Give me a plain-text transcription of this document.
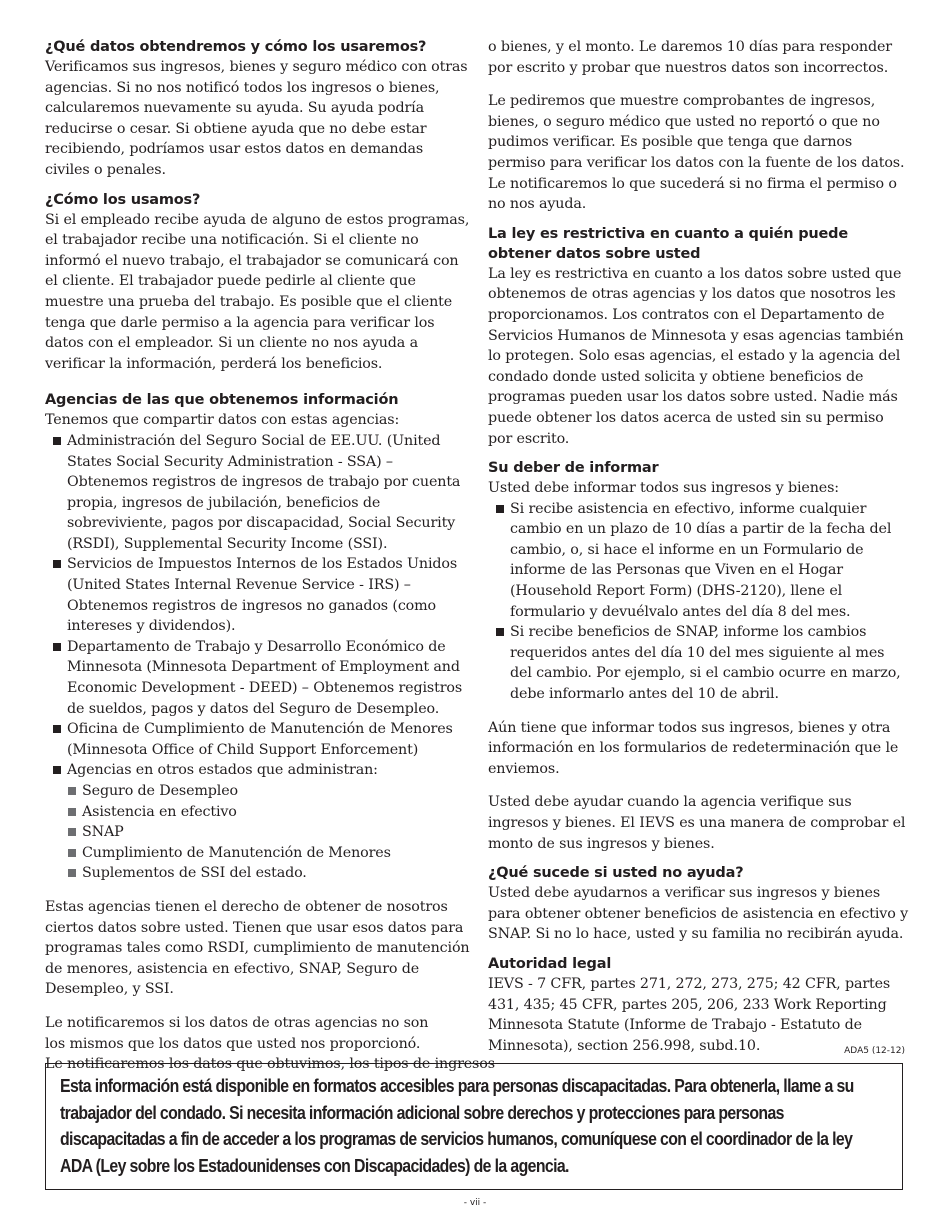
¿Qué datos obtendremos y cómo los usaremos?

Verificamos sus ingresos, bienes y seguro médico con otras agencias. Si no nos notificó todos los ingresos o bienes, calcularemos nuevamente su ayuda. Su ayuda podría reducirse o cesar. Si obtiene ayuda que no debe estar recibiendo, podríamos usar estos datos en demandas civiles o penales.

¿Cómo los usamos?

Si el empleado recibe ayuda de alguno de estos programas, el trabajador recibe una notificación. Si el cliente no informó el nuevo trabajo, el trabajador se comunicará con el cliente. El trabajador puede pedirle al cliente que muestre una prueba del trabajo. Es posible que el cliente tenga que darle permiso a la agencia para verificar los datos con el empleador. Si un cliente no nos ayuda a verificar la información, perderá los beneficios.

Agencias de las que obtenemos información

Tenemos que compartir datos con estas agencias:

Administración del Seguro Social de EE.UU. (United States Social Security Administration - SSA) – Obtenemos registros de ingresos de trabajo por cuenta propia, ingresos de jubilación, beneficios de sobreviviente, pagos por discapacidad, Social Security (RSDI), Supplemental Security Income (SSI).
Servicios de Impuestos Internos de los Estados Unidos (United States Internal Revenue Service - IRS) – Obtenemos registros de ingresos no ganados (como intereses y dividendos).
Departamento de Trabajo y Desarrollo Económico de Minnesota (Minnesota Department of Employment and Economic Development - DEED) – Obtenemos registros de sueldos, pagos y datos del Seguro de Desempleo.
Oficina de Cumplimiento de Manutención de Menores (Minnesota Office of Child Support Enforcement)
Agencias en otros estados que administran:
Seguro de Desempleo
Asistencia en efectivo
SNAP
Cumplimiento de Manutención de Menores
Suplementos de SSI del estado.

Estas agencias tienen el derecho de obtener de nosotros ciertos datos sobre usted. Tienen que usar esos datos para programas tales como RSDI, cumplimiento de manutención de menores, asistencia en efectivo, SNAP, Seguro de Desempleo, y SSI.

Le notificaremos si los datos de otras agencias no son
los mismos que los datos que usted nos proporcionó.
Le notificaremos los datos que obtuvimos, los tipos de ingresos

o bienes, y el monto. Le daremos 10 días para responder por escrito y probar que nuestros datos son incorrectos.

Le pediremos que muestre comprobantes de ingresos, bienes, o seguro médico que usted no reportó o que no pudimos verificar. Es posible que tenga que darnos permiso para verificar los datos con la fuente de los datos. Le notificaremos lo que sucederá si no firma el permiso o no nos ayuda.

La ley es restrictiva en cuanto a quién puede obtener datos sobre usted

La ley es restrictiva en cuanto a los datos sobre usted que obtenemos de otras agencias y los datos que nosotros les proporcionamos. Los contratos con el Departamento de Servicios Humanos de Minnesota y esas agencias también lo protegen. Solo esas agencias, el estado y la agencia del condado donde usted solicita y obtiene beneficios de programas pueden usar los datos sobre usted. Nadie más puede obtener los datos acerca de usted sin su permiso por escrito.

Su deber de informar

Usted debe informar todos sus ingresos y bienes:

Si recibe asistencia en efectivo, informe cualquier cambio en un plazo de 10 días a partir de la fecha del cambio, o, si hace el informe en un Formulario de informe de las Personas que Viven en el Hogar (Household Report Form) (DHS-2120), llene el formulario y devuélvalo antes del día 8 del mes.
Si recibe beneficios de SNAP, informe los cambios requeridos antes del día 10 del mes siguiente al mes del cambio. Por ejemplo, si el cambio ocurre en marzo, debe informarlo antes del 10 de abril.

Aún tiene que informar todos sus ingresos, bienes y otra información en los formularios de redeterminación que le enviemos.

Usted debe ayudar cuando la agencia verifique sus ingresos y bienes. El IEVS es una manera de comprobar el monto de sus ingresos y bienes.

¿Qué sucede si usted no ayuda?

Usted debe ayudarnos a verificar sus ingresos y bienes para obtener obtener beneficios de asistencia en efectivo y SNAP. Si no lo hace, usted y su familia no recibirán ayuda.

Autoridad legal

IEVS - 7 CFR, partes 271, 272, 273, 275; 42 CFR, partes 431, 435; 45 CFR, partes 205, 206, 233 Work Reporting Minnesota Statute (Informe de Trabajo - Estatuto de Minnesota), section 256.998, subd.10.	ADA5 (12-12)

Esta información está disponible en formatos accesibles para personas discapacitadas. Para obtenerla, llame a su trabajador del condado. Si necesita información adicional sobre derechos y protecciones para personas discapacitadas a fin de acceder a los programas de servicios humanos, comuníquese con el coordinador de la ley ADA (Ley sobre los Estadounidenses con Discapacidades) de la agencia.

- vii -
